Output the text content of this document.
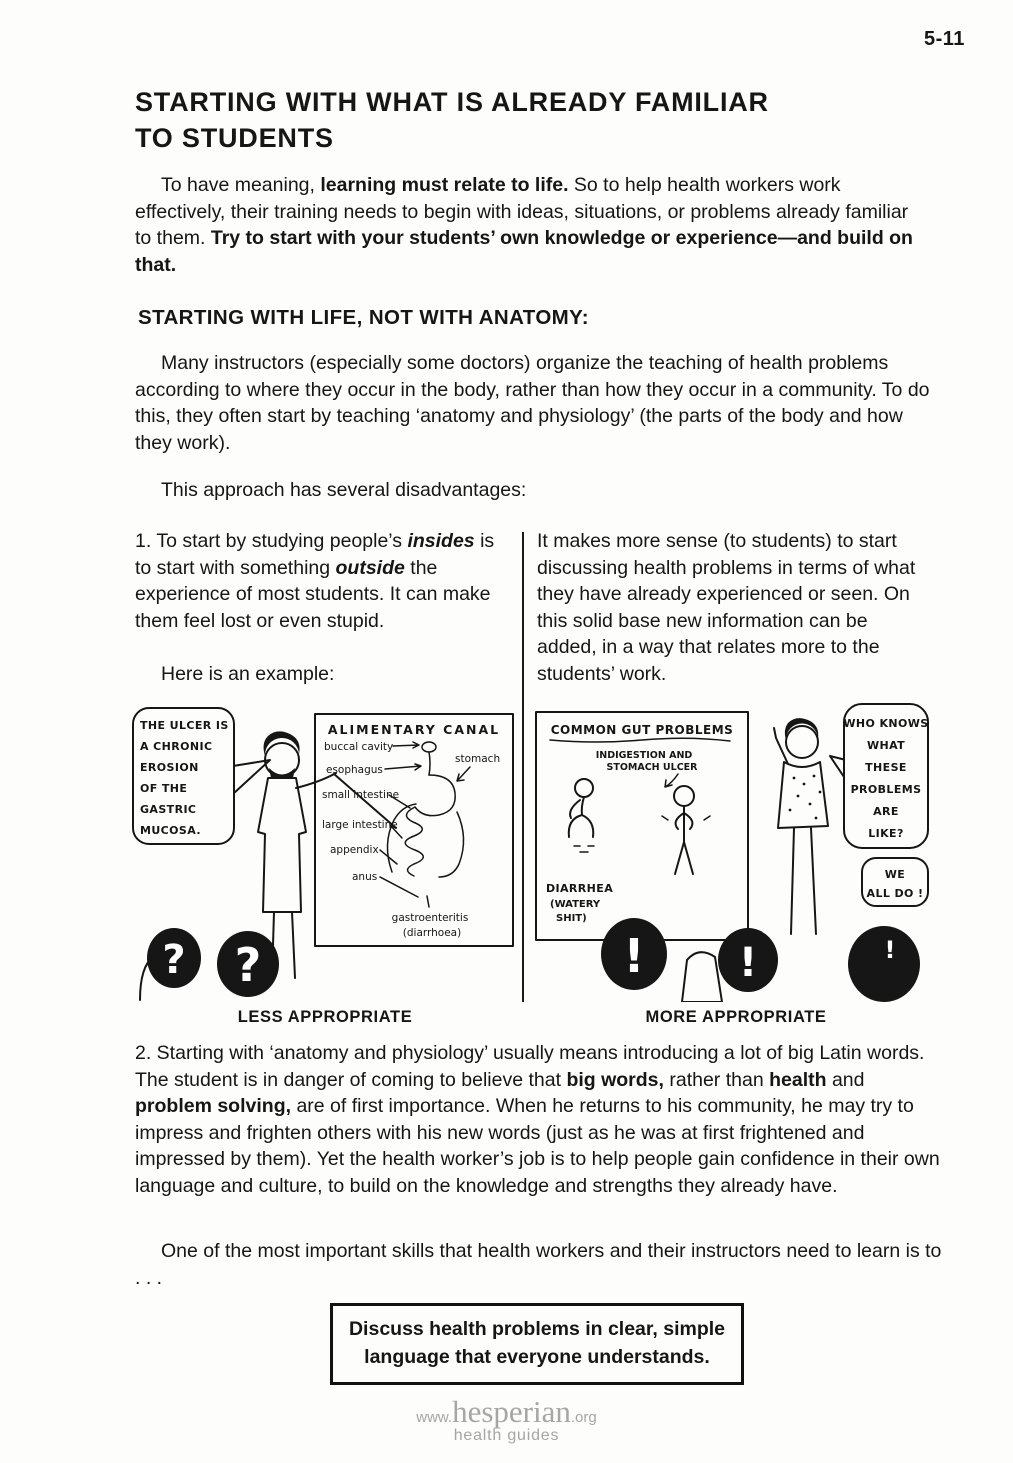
5-11
STARTING WITH WHAT IS ALREADY FAMILIAR
TO STUDENTS

To have meaning, learning must relate to life. So to help health workers work effectively, their training needs to begin with ideas, situations, or problems already familiar to them. Try to start with your students’ own knowledge or experience—and build on that.

STARTING WITH LIFE, NOT WITH ANATOMY:

Many instructors (especially some doctors) organize the teaching of health problems according to where they occur in the body, rather than how they occur in a community. To do this, they often start by teaching ‘anatomy and physiology’ (the parts of the body and how they work).

This approach has several disadvantages:

1. To start by studying people’s insides is to start with something outside the experience of most students. It can make them feel lost or even stupid.

Here is an example:

It makes more sense (to students) to start discussing health problems in terms of what they have already experienced or seen. On this solid base new information can be added, in a way that relates more to the students’ work.

THE ULCER IS
A CHRONIC
EROSION
OF THE
GASTRIC
MUCOSA.
ALIMENTARY CANAL
buccal cavity
esophagus
stomach
small intestine
large intestine
appendix
anus
gastroenteritis
(diarrhoea)
? ?
COMMON GUT PROBLEMS
INDIGESTION AND
STOMACH ULCER
DIARRHEA
(WATERY
SHIT)
WHO KNOWS
WHAT
THESE
PROBLEMS
ARE
LIKE?
WE
ALL DO !
! !	!
LESS APPROPRIATE	MORE APPROPRIATE

2. Starting with ‘anatomy and physiology’ usually means introducing a lot of big Latin words. The student is in danger of coming to believe that big words, rather than health and problem solving, are of first importance. When he returns to his community, he may try to impress and frighten others with his new words (just as he was at first frightened and impressed by them). Yet the health worker’s job is to help people gain confidence in their own language and culture, to build on the knowledge and strengths they already have.

One of the most important skills that health workers and their instructors need to learn is to . . .

Discuss health problems in clear, simple
language that everyone understands.
www.hesperian.org
health guides
